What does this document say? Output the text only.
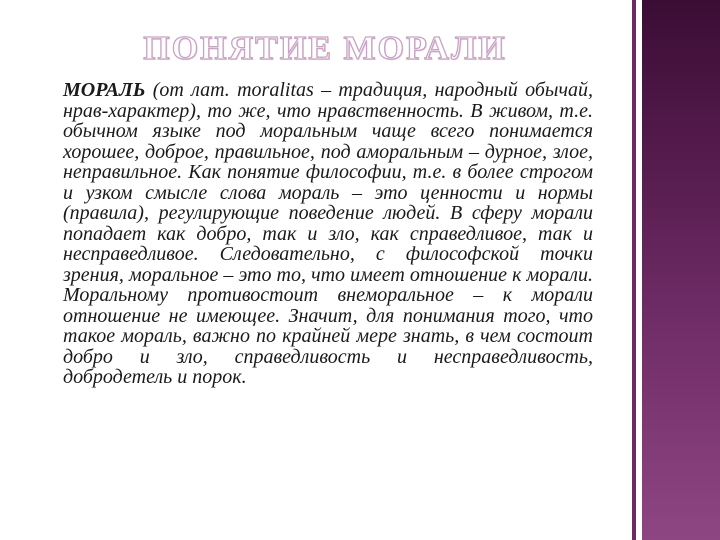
ПОНЯТИЕ МОРАЛИ

МОРАЛЬ (от лат. moralitas – традиция, народный обычай, нрав-характер), то же, что нравственность. В живом, т.е. обычном языке под моральным чаще всего понимается хорошее, доброе, правильное, под аморальным – дурное, злое, неправильное. Как понятие философии, т.е. в более строгом и узком смысле слова мораль – это ценности и нормы (правила), регулирующие поведение людей. В сферу морали попадает как добро, так и зло, как справедливое, так и несправедливое. Следовательно, с философской точки зрения, моральное – это то, что имеет отношение к морали. Моральному противостоит внеморальное – к морали отношение не имеющее. Значит, для понимания того, что такое мораль, важно по крайней мере знать, в чем состоит добро и зло, справедливость и несправедливость, добродетель и порок.
